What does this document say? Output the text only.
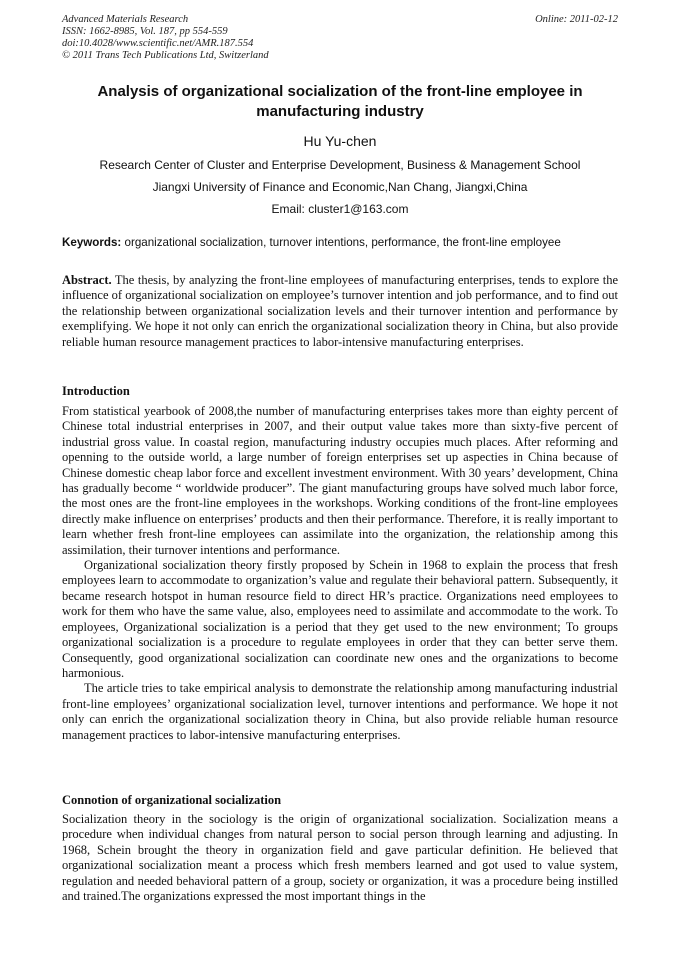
Advanced Materials Research
ISSN: 1662-8985, Vol. 187, pp 554-559
doi:10.4028/www.scientific.net/AMR.187.554
© 2011 Trans Tech Publications Ltd, Switzerland
Online: 2011-02-12
Analysis of organizational socialization of the front-line employee in manufacturing industry
Hu Yu-chen
Research Center of Cluster and Enterprise Development, Business & Management School
Jiangxi University of Finance and Economic,Nan Chang, Jiangxi,China
Email: cluster1@163.com
Keywords: organizational socialization, turnover intentions, performance, the front-line employee
Abstract. The thesis, by analyzing the front-line employees of manufacturing enterprises, tends to explore the influence of organizational socialization on employee’s turnover intention and job performance, and to find out the relationship between organizational socialization levels and their turnover intention and performance by exemplifying. We hope it not only can enrich the organizational socialization theory in China, but also provide reliable human resource management practices to labor-intensive manufacturing enterprises.
Introduction

From statistical yearbook of 2008,the number of manufacturing enterprises takes more than eighty percent of Chinese total industrial enterprises in 2007, and their output value takes more than sixty-five percent of industrial gross value. In coastal region, manufacturing industry occupies much places. After reforming and openning to the outside world, a large number of foreign enterprises set up aspecties in China because of Chinese domestic cheap labor force and excellent investment environment. With 30 years’ development, China has gradually become “ worldwide producer”. The giant manufacturing groups have solved much labor force, the most ones are the front-line employees in the workshops. Working conditions of the front-line employees directly make influence on enterprises’ products and then their performance. Therefore, it is really important to learn whether fresh front-line employees can assimilate into the organization, the relationship among this assimilation, their turnover intentions and performance.

Organizational socialization theory firstly proposed by Schein in 1968 to explain the process that fresh employees learn to accommodate to organization’s value and regulate their behavioral pattern. Subsequently, it became research hotspot in human resource field to direct HR’s practice. Organizations need employees to work for them who have the same value, also, employees need to assimilate and accommodate to the work. To employees, Organizational socialization is a period that they get used to the new environment; To groups organizational socialization is a procedure to regulate employees in order that they can better serve them. Consequently, good organizational socialization can coordinate new ones and the organizations to become harmonious.

The article tries to take empirical analysis to demonstrate the relationship among manufacturing industrial front-line employees’ organizational socialization level, turnover intentions and performance. We hope it not only can enrich the organizational socialization theory in China, but also provide reliable human resource management practices to labor-intensive manufacturing enterprises.

Connotion of organizational socialization

Socialization theory in the sociology is the origin of organizational socialization. Socialization means a procedure when individual changes from natural person to social person through learning and adjusting. In 1968, Schein brought the theory in organization field and gave particular definition. He believed that organizational socialization meant a process which fresh members learned and got used to value system, regulation and needed behavioral pattern of a group, society or organization, it was a procedure being instilled and trained.The organizations expressed the most important things in the
